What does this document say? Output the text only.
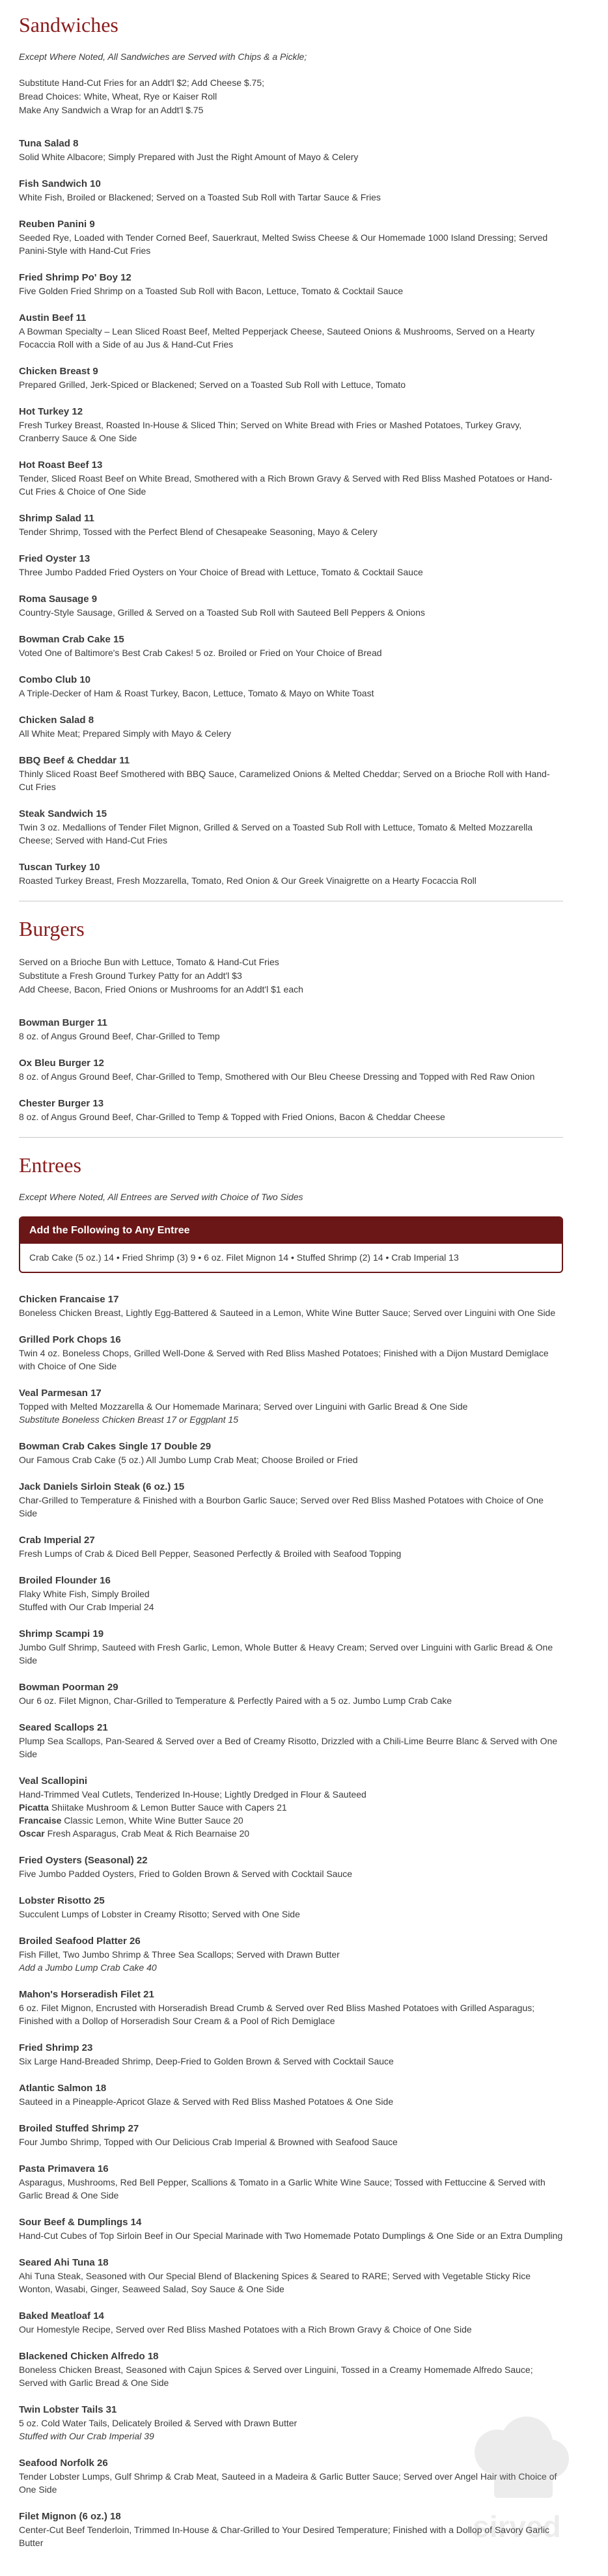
Sandwiches
Except Where Noted, All Sandwiches are Served with Chips & a Pickle;

Substitute Hand-Cut Fries for an Addt'l $2; Add Cheese $.75;

Bread Choices: White, Wheat, Rye or Kaiser Roll

Make Any Sandwich a Wrap for an Addt'l $.75

Tuna Salad 8
Solid White Albacore; Simply Prepared with Just the Right Amount of Mayo & Celery
Fish Sandwich 10
White Fish, Broiled or Blackened; Served on a Toasted Sub Roll with Tartar Sauce & Fries
Reuben Panini 9
Seeded Rye, Loaded with Tender Corned Beef, Sauerkraut, Melted Swiss Cheese & Our Homemade 1000 Island Dressing; Served Panini-Style with Hand-Cut Fries
Fried Shrimp Po' Boy 12
Five Golden Fried Shrimp on a Toasted Sub Roll with Bacon, Lettuce, Tomato & Cocktail Sauce
Austin Beef 11
A Bowman Specialty – Lean Sliced Roast Beef, Melted Pepperjack Cheese, Sauteed Onions & Mushrooms, Served on a Hearty Focaccia Roll with a Side of au Jus & Hand-Cut Fries
Chicken Breast 9
Prepared Grilled, Jerk-Spiced or Blackened; Served on a Toasted Sub Roll with Lettuce, Tomato
Hot Turkey 12
Fresh Turkey Breast, Roasted In-House & Sliced Thin; Served on White Bread with Fries or Mashed Potatoes, Turkey Gravy, Cranberry Sauce & One Side
Hot Roast Beef 13
Tender, Sliced Roast Beef on White Bread, Smothered with a Rich Brown Gravy & Served with Red Bliss Mashed Potatoes or Hand-Cut Fries & Choice of One Side
Shrimp Salad 11
Tender Shrimp, Tossed with the Perfect Blend of Chesapeake Seasoning, Mayo & Celery
Fried Oyster 13
Three Jumbo Padded Fried Oysters on Your Choice of Bread with Lettuce, Tomato & Cocktail Sauce
Roma Sausage 9
Country-Style Sausage, Grilled & Served on a Toasted Sub Roll with Sauteed Bell Peppers & Onions
Bowman Crab Cake 15
Voted One of Baltimore's Best Crab Cakes! 5 oz. Broiled or Fried on Your Choice of Bread
Combo Club 10
A Triple-Decker of Ham & Roast Turkey, Bacon, Lettuce, Tomato & Mayo on White Toast
Chicken Salad 8
All White Meat; Prepared Simply with Mayo & Celery
BBQ Beef & Cheddar 11
Thinly Sliced Roast Beef Smothered with BBQ Sauce, Caramelized Onions & Melted Cheddar; Served on a Brioche Roll with Hand-Cut Fries
Steak Sandwich 15
Twin 3 oz. Medallions of Tender Filet Mignon, Grilled & Served on a Toasted Sub Roll with Lettuce, Tomato & Melted Mozzarella Cheese; Served with Hand-Cut Fries
Tuscan Turkey 10
Roasted Turkey Breast, Fresh Mozzarella, Tomato, Red Onion & Our Greek Vinaigrette on a Hearty Focaccia Roll
Burgers

Served on a Brioche Bun with Lettuce, Tomato & Hand-Cut Fries

Substitute a Fresh Ground Turkey Patty for an Addt'l $3

Add Cheese, Bacon, Fried Onions or Mushrooms for an Addt'l $1 each

Bowman Burger 11
8 oz. of Angus Ground Beef, Char-Grilled to Temp
Ox Bleu Burger 12
8 oz. of Angus Ground Beef, Char-Grilled to Temp, Smothered with Our Bleu Cheese Dressing and Topped with Red Raw Onion
Chester Burger 13
8 oz. of Angus Ground Beef, Char-Grilled to Temp & Topped with Fried Onions, Bacon & Cheddar Cheese
Entrees
Except Where Noted, All Entrees are Served with Choice of Two Sides
Add the Following to Any Entree
Crab Cake (5 oz.) 14 • Fried Shrimp (3) 9 • 6 oz. Filet Mignon 14 • Stuffed Shrimp (2) 14 • Crab Imperial 13
Chicken Francaise 17
Boneless Chicken Breast, Lightly Egg-Battered & Sauteed in a Lemon, White Wine Butter Sauce; Served over Linguini with One Side
Grilled Pork Chops 16
Twin 4 oz. Boneless Chops, Grilled Well-Done & Served with Red Bliss Mashed Potatoes; Finished with a Dijon Mustard Demiglace with Choice of One Side
Veal Parmesan 17
Topped with Melted Mozzarella & Our Homemade Marinara; Served over Linguini with Garlic Bread & One Side
Substitute Boneless Chicken Breast 17 or Eggplant 15
Bowman Crab Cakes Single 17 Double 29
Our Famous Crab Cake (5 oz.) All Jumbo Lump Crab Meat; Choose Broiled or Fried
Jack Daniels Sirloin Steak (6 oz.) 15
Char-Grilled to Temperature & Finished with a Bourbon Garlic Sauce; Served over Red Bliss Mashed Potatoes with Choice of One Side
Crab Imperial 27
Fresh Lumps of Crab & Diced Bell Pepper, Seasoned Perfectly & Broiled with Seafood Topping
Broiled Flounder 16
Flaky White Fish, Simply Broiled
Stuffed with Our Crab Imperial 24
Shrimp Scampi 19
Jumbo Gulf Shrimp, Sauteed with Fresh Garlic, Lemon, Whole Butter & Heavy Cream; Served over Linguini with Garlic Bread & One Side
Bowman Poorman 29
Our 6 oz. Filet Mignon, Char-Grilled to Temperature & Perfectly Paired with a 5 oz. Jumbo Lump Crab Cake
Seared Scallops 21
Plump Sea Scallops, Pan-Seared & Served over a Bed of Creamy Risotto, Drizzled with a Chili-Lime Beurre Blanc & Served with One Side
Veal Scallopini
Hand-Trimmed Veal Cutlets, Tenderized In-House; Lightly Dredged in Flour & Sauteed
Picatta Shiitake Mushroom & Lemon Butter Sauce with Capers 21
Francaise Classic Lemon, White Wine Butter Sauce 20
Oscar Fresh Asparagus, Crab Meat & Rich Bearnaise 20
Fried Oysters (Seasonal) 22
Five Jumbo Padded Oysters, Fried to Golden Brown & Served with Cocktail Sauce
Lobster Risotto 25
Succulent Lumps of Lobster in Creamy Risotto; Served with One Side
Broiled Seafood Platter 26
Fish Fillet, Two Jumbo Shrimp & Three Sea Scallops; Served with Drawn Butter
Add a Jumbo Lump Crab Cake 40
Mahon's Horseradish Filet 21
6 oz. Filet Mignon, Encrusted with Horseradish Bread Crumb & Served over Red Bliss Mashed Potatoes with Grilled Asparagus; Finished with a Dollop of Horseradish Sour Cream & a Pool of Rich Demiglace
Fried Shrimp 23
Six Large Hand-Breaded Shrimp, Deep-Fried to Golden Brown & Served with Cocktail Sauce
Atlantic Salmon 18
Sauteed in a Pineapple-Apricot Glaze & Served with Red Bliss Mashed Potatoes & One Side
Broiled Stuffed Shrimp 27
Four Jumbo Shrimp, Topped with Our Delicious Crab Imperial & Browned with Seafood Sauce
Pasta Primavera 16
Asparagus, Mushrooms, Red Bell Pepper, Scallions & Tomato in a Garlic White Wine Sauce; Tossed with Fettuccine & Served with Garlic Bread & One Side
Sour Beef & Dumplings 14
Hand-Cut Cubes of Top Sirloin Beef in Our Special Marinade with Two Homemade Potato Dumplings & One Side or an Extra Dumpling
Seared Ahi Tuna 18
Ahi Tuna Steak, Seasoned with Our Special Blend of Blackening Spices & Seared to RARE; Served with Vegetable Sticky Rice Wonton, Wasabi, Ginger, Seaweed Salad, Soy Sauce & One Side
Baked Meatloaf 14
Our Homestyle Recipe, Served over Red Bliss Mashed Potatoes with a Rich Brown Gravy & Choice of One Side
Blackened Chicken Alfredo 18
Boneless Chicken Breast, Seasoned with Cajun Spices & Served over Linguini, Tossed in a Creamy Homemade Alfredo Sauce; Served with Garlic Bread & One Side
Twin Lobster Tails 31
5 oz. Cold Water Tails, Delicately Broiled & Served with Drawn Butter
Stuffed with Our Crab Imperial 39
Seafood Norfolk 26
Tender Lobster Lumps, Gulf Shrimp & Crab Meat, Sauteed in a Madeira & Garlic Butter Sauce; Served over Angel Hair with Choice of One Side
Filet Mignon (6 oz.) 18
Center-Cut Beef Tenderloin, Trimmed In-House & Char-Grilled to Your Desired Temperature; Finished with a Dollop of Savory Garlic Butter	sirved
